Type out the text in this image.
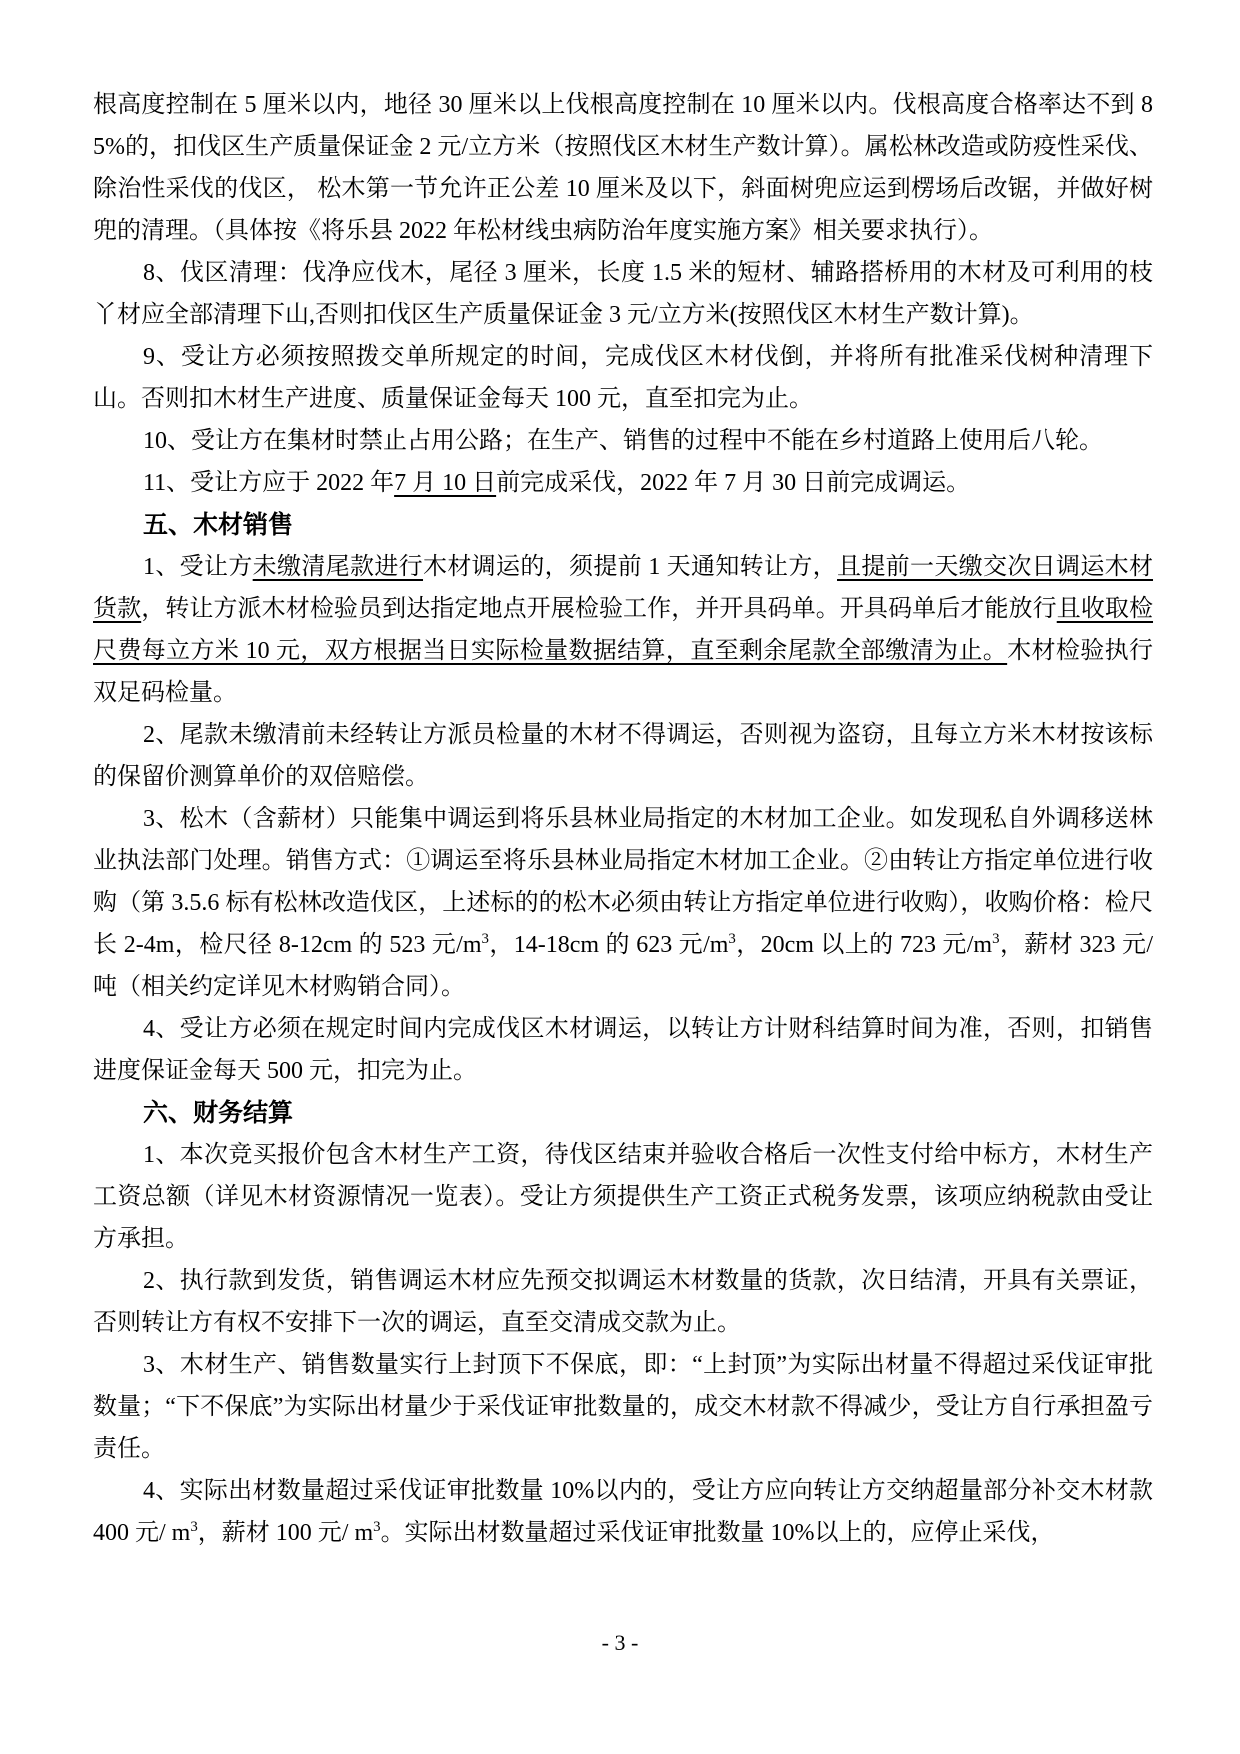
根高度控制在 5 厘米以内，地径 30 厘米以上伐根高度控制在 10 厘米以内。伐根高度合格率达不到 85%的，扣伐区生产质量保证金 2 元/立方米（按照伐区木材生产数计算）。属松林改造或防疫性采伐、除治性采伐的伐区， 松木第一节允许正公差 10 厘米及以下，斜面树兜应运到楞场后改锯，并做好树兜的清理。（具体按《将乐县 2022 年松材线虫病防治年度实施方案》相关要求执行）。

8、伐区清理：伐净应伐木，尾径 3 厘米，长度 1.5 米的短材、辅路搭桥用的木材及可利用的枝丫材应全部清理下山,否则扣伐区生产质量保证金 3 元/立方米(按照伐区木材生产数计算)。

9、受让方必须按照拨交单所规定的时间，完成伐区木材伐倒，并将所有批准采伐树种清理下山。否则扣木材生产进度、质量保证金每天 100 元，直至扣完为止。

10、受让方在集材时禁止占用公路；在生产、销售的过程中不能在乡村道路上使用后八轮。

11、受让方应于 2022 年7 月 10 日前完成采伐，2022 年 7 月 30 日前完成调运。

五、木材销售

1、受让方未缴清尾款进行木材调运的，须提前 1 天通知转让方，且提前一天缴交次日调运木材货款，转让方派木材检验员到达指定地点开展检验工作，并开具码单。开具码单后才能放行且收取检尺费每立方米 10 元，双方根据当日实际检量数据结算，直至剩余尾款全部缴清为止。木材检验执行双足码检量。

2、尾款未缴清前未经转让方派员检量的木材不得调运，否则视为盗窃，且每立方米木材按该标的保留价测算单价的双倍赔偿。

3、松木（含薪材）只能集中调运到将乐县林业局指定的木材加工企业。如发现私自外调移送林业执法部门处理。销售方式：①调运至将乐县林业局指定木材加工企业。②由转让方指定单位进行收购（第 3.5.6 标有松林改造伐区，上述标的的松木必须由转让方指定单位进行收购），收购价格：检尺长 2-4m，检尺径 8-12cm 的 523 元$/m^3$，14-18cm 的 623 元$/m^3$，20cm 以上的 723 元$/m^3$，薪材 323 元/吨（相关约定详见木材购销合同）。

4、受让方必须在规定时间内完成伐区木材调运，以转让方计财科结算时间为准，否则，扣销售进度保证金每天 500 元，扣完为止。

六、财务结算

1、本次竞买报价包含木材生产工资，待伐区结束并验收合格后一次性支付给中标方，木材生产工资总额（详见木材资源情况一览表）。受让方须提供生产工资正式税务发票，该项应纳税款由受让方承担。

2、执行款到发货，销售调运木材应先预交拟调运木材数量的货款，次日结清，开具有关票证，否则转让方有权不安排下一次的调运，直至交清成交款为止。

3、木材生产、销售数量实行上封顶下不保底，即：“上封顶”为实际出材量不得超过采伐证审批数量；“下不保底”为实际出材量少于采伐证审批数量的，成交木材款不得减少，受让方自行承担盈亏责任。

4、实际出材数量超过采伐证审批数量 10%以内的，受让方应向转让方交纳超量部分补交木材款 400 元/ $m^3$，薪材 100 元/ $m^3$。实际出材数量超过采伐证审批数量 10%以上的，应停止采伐，

- 3 -
